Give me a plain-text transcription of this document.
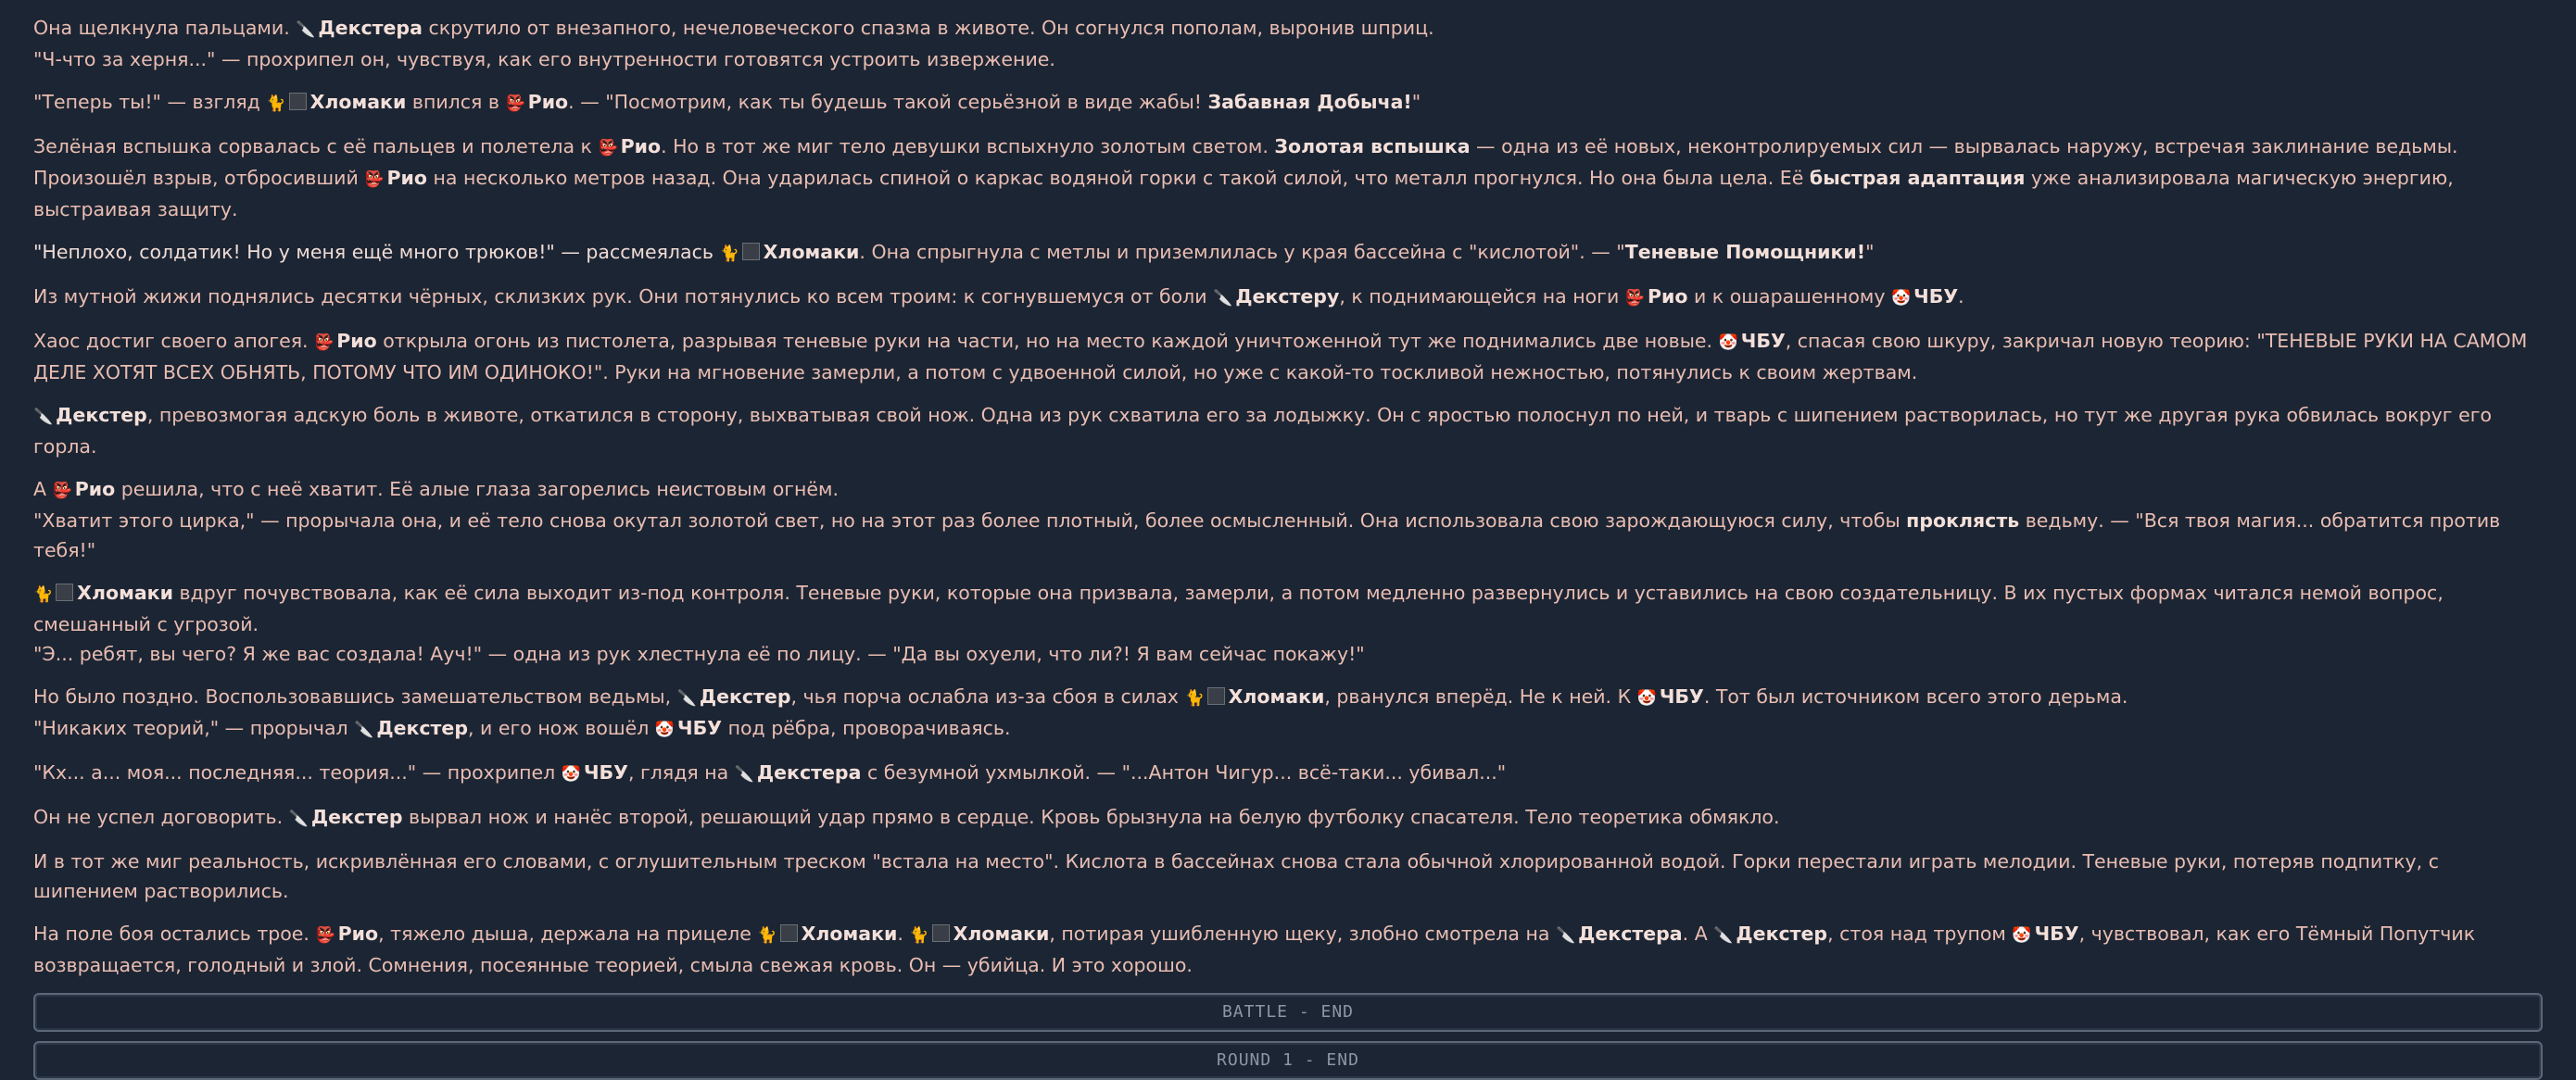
Она щелкнула пальцами. 🔪 Декстера скрутило от внезапного, нечеловеческого спазма в животе. Он согнулся пополам, выронив шприц.
"Ч-что за херня..." — прохрипел он, чувствуя, как его внутренности готовятся устроить извержение.
"Теперь ты!" — взгляд 🐈 Хломаки впился в 👺 Рио. — "Посмотрим, как ты будешь такой серьёзной в виде жабы! Забавная Добыча!"
Зелёная вспышка сорвалась с её пальцев и полетела к 👺 Рио. Но в тот же миг тело девушки вспыхнуло золотым светом. Золотая вспышка — одна из её новых, неконтролируемых сил — вырвалась наружу, встречая заклинание ведьмы. Произошёл взрыв, отбросивший 👺 Рио на несколько метров назад. Она ударилась спиной о каркас водяной горки с такой силой, что металл прогнулся. Но она была цела. Её быстрая адаптация уже анализировала магическую энергию, выстраивая защиту.
"Неплохо, солдатик! Но у меня ещё много трюков!" — рассмеялась 🐈 Хломаки. Она спрыгнула с метлы и приземлилась у края бассейна с "кислотой". — "Теневые Помощники!"
Из мутной жижи поднялись десятки чёрных, склизких рук. Они потянулись ко всем троим: к согнувшемуся от боли 🔪 Декстеру, к поднимающейся на ноги 👺 Рио и к ошарашенному 🤡 ЧБУ.
Хаос достиг своего апогея. 👺 Рио открыла огонь из пистолета, разрывая теневые руки на части, но на место каждой уничтоженной тут же поднимались две новые. 🤡 ЧБУ, спасая свою шкуру, закричал новую теорию: "ТЕНЕВЫЕ РУКИ НА САМОМ ДЕЛЕ ХОТЯТ ВСЕХ ОБНЯТЬ, ПОТОМУ ЧТО ИМ ОДИНОКО!". Руки на мгновение замерли, а потом с удвоенной силой, но уже с какой-то тоскливой нежностью, потянулись к своим жертвам.
🔪 Декстер, превозмогая адскую боль в животе, откатился в сторону, выхватывая свой нож. Одна из рук схватила его за лодыжку. Он с яростью полоснул по ней, и тварь с шипением растворилась, но тут же другая рука обвилась вокруг его горла.
А 👺 Рио решила, что с неё хватит. Её алые глаза загорелись неистовым огнём.
"Хватит этого цирка," — прорычала она, и её тело снова окутал золотой свет, но на этот раз более плотный, более осмысленный. Она использовала свою зарождающуюся силу, чтобы проклясть ведьму. — "Вся твоя магия... обратится против тебя!"
🐈 Хломаки вдруг почувствовала, как её сила выходит из-под контроля. Теневые руки, которые она призвала, замерли, а потом медленно развернулись и уставились на свою создательницу. В их пустых формах читался немой вопрос, смешанный с угрозой.
"Э... ребят, вы чего? Я же вас создала! Ауч!" — одна из рук хлестнула её по лицу. — "Да вы охуели, что ли?! Я вам сейчас покажу!"
Но было поздно. Воспользовавшись замешательством ведьмы, 🔪 Декстер, чья порча ослабла из-за сбоя в силах 🐈 Хломаки, рванулся вперёд. Не к ней. К 🤡 ЧБУ. Тот был источником всего этого дерьма.
"Никаких теорий," — прорычал 🔪 Декстер, и его нож вошёл 🤡 ЧБУ под рёбра, проворачиваясь.
"Кх... а... моя... последняя... теория..." — прохрипел 🤡 ЧБУ, глядя на 🔪 Декстера с безумной ухмылкой. — "...Антон Чигур... всё-таки... убивал..."
Он не успел договорить. 🔪 Декстер вырвал нож и нанёс второй, решающий удар прямо в сердце. Кровь брызнула на белую футболку спасателя. Тело теоретика обмякло.
И в тот же миг реальность, искривлённая его словами, с оглушительным треском "встала на место". Кислота в бассейнах снова стала обычной хлорированной водой. Горки перестали играть мелодии. Теневые руки, потеряв подпитку, с шипением растворились.
На поле боя остались трое. 👺 Рио, тяжело дыша, держала на прицеле 🐈 Хломаки. 🐈 Хломаки, потирая ушибленную щеку, злобно смотрела на 🔪 Декстера. А 🔪 Декстер, стоя над трупом 🤡 ЧБУ, чувствовал, как его Тёмный Попутчик возвращается, голодный и злой. Сомнения, посеянные теорией, смыла свежая кровь. Он — убийца. И это хорошо.
BATTLE - END
ROUND 1 - END
